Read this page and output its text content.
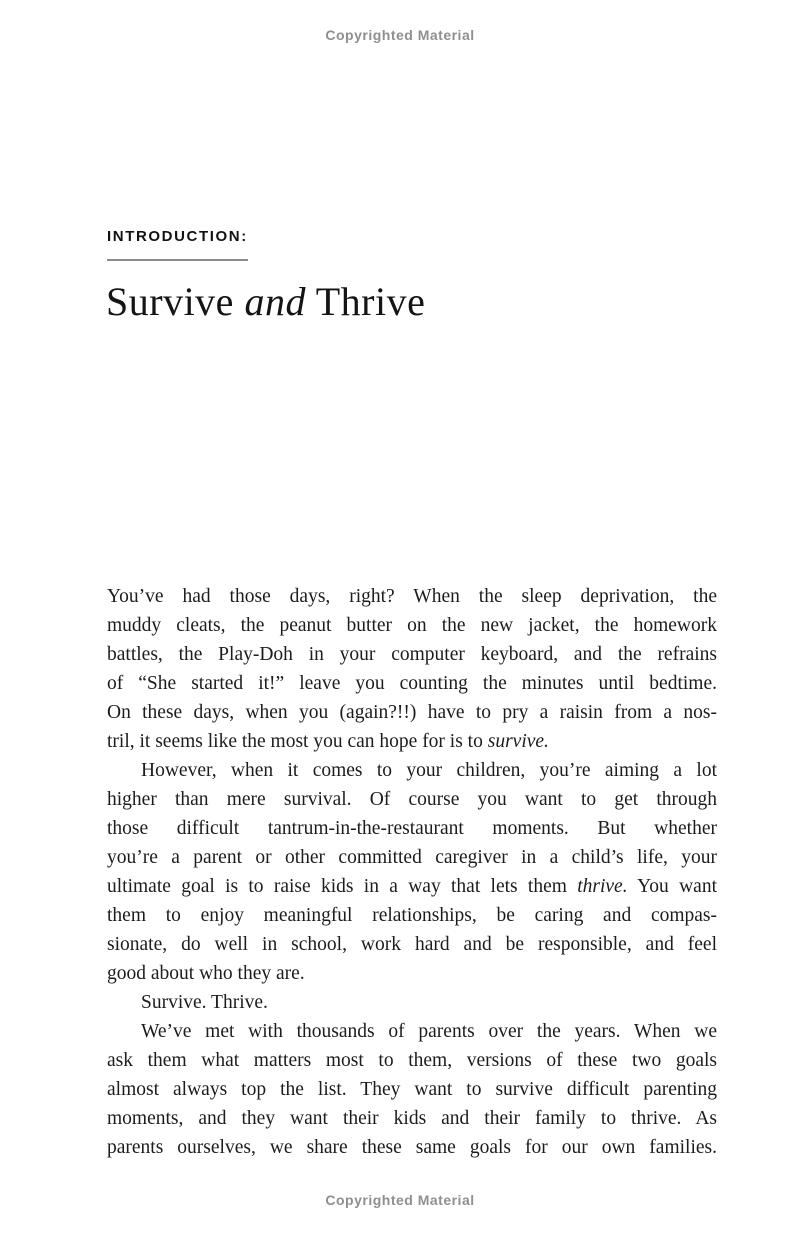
Copyrighted Material
INTRODUCTION:
Survive and Thrive
You’ve had those days, right? When the sleep deprivation, the
muddy cleats, the peanut butter on the new jacket, the homework
battles, the Play-Doh in your computer keyboard, and the refrains
of “She started it!” leave you counting the minutes until bedtime.
On these days, when you (again?!!) have to pry a raisin from a nos-
tril, it seems like the most you can hope for is to survive.
However, when it comes to your children, you’re aiming a lot
higher than mere survival. Of course you want to get through
those difficult tantrum-in-the-restaurant moments. But whether
you’re a parent or other committed caregiver in a child’s life, your
ultimate goal is to raise kids in a way that lets them thrive. You want
them to enjoy meaningful relationships, be caring and compas-
sionate, do well in school, work hard and be responsible, and feel
good about who they are.
Survive. Thrive.
We’ve met with thousands of parents over the years. When we
ask them what matters most to them, versions of these two goals
almost always top the list. They want to survive difficult parenting
moments, and they want their kids and their family to thrive. As
parents ourselves, we share these same goals for our own families.
Copyrighted Material
